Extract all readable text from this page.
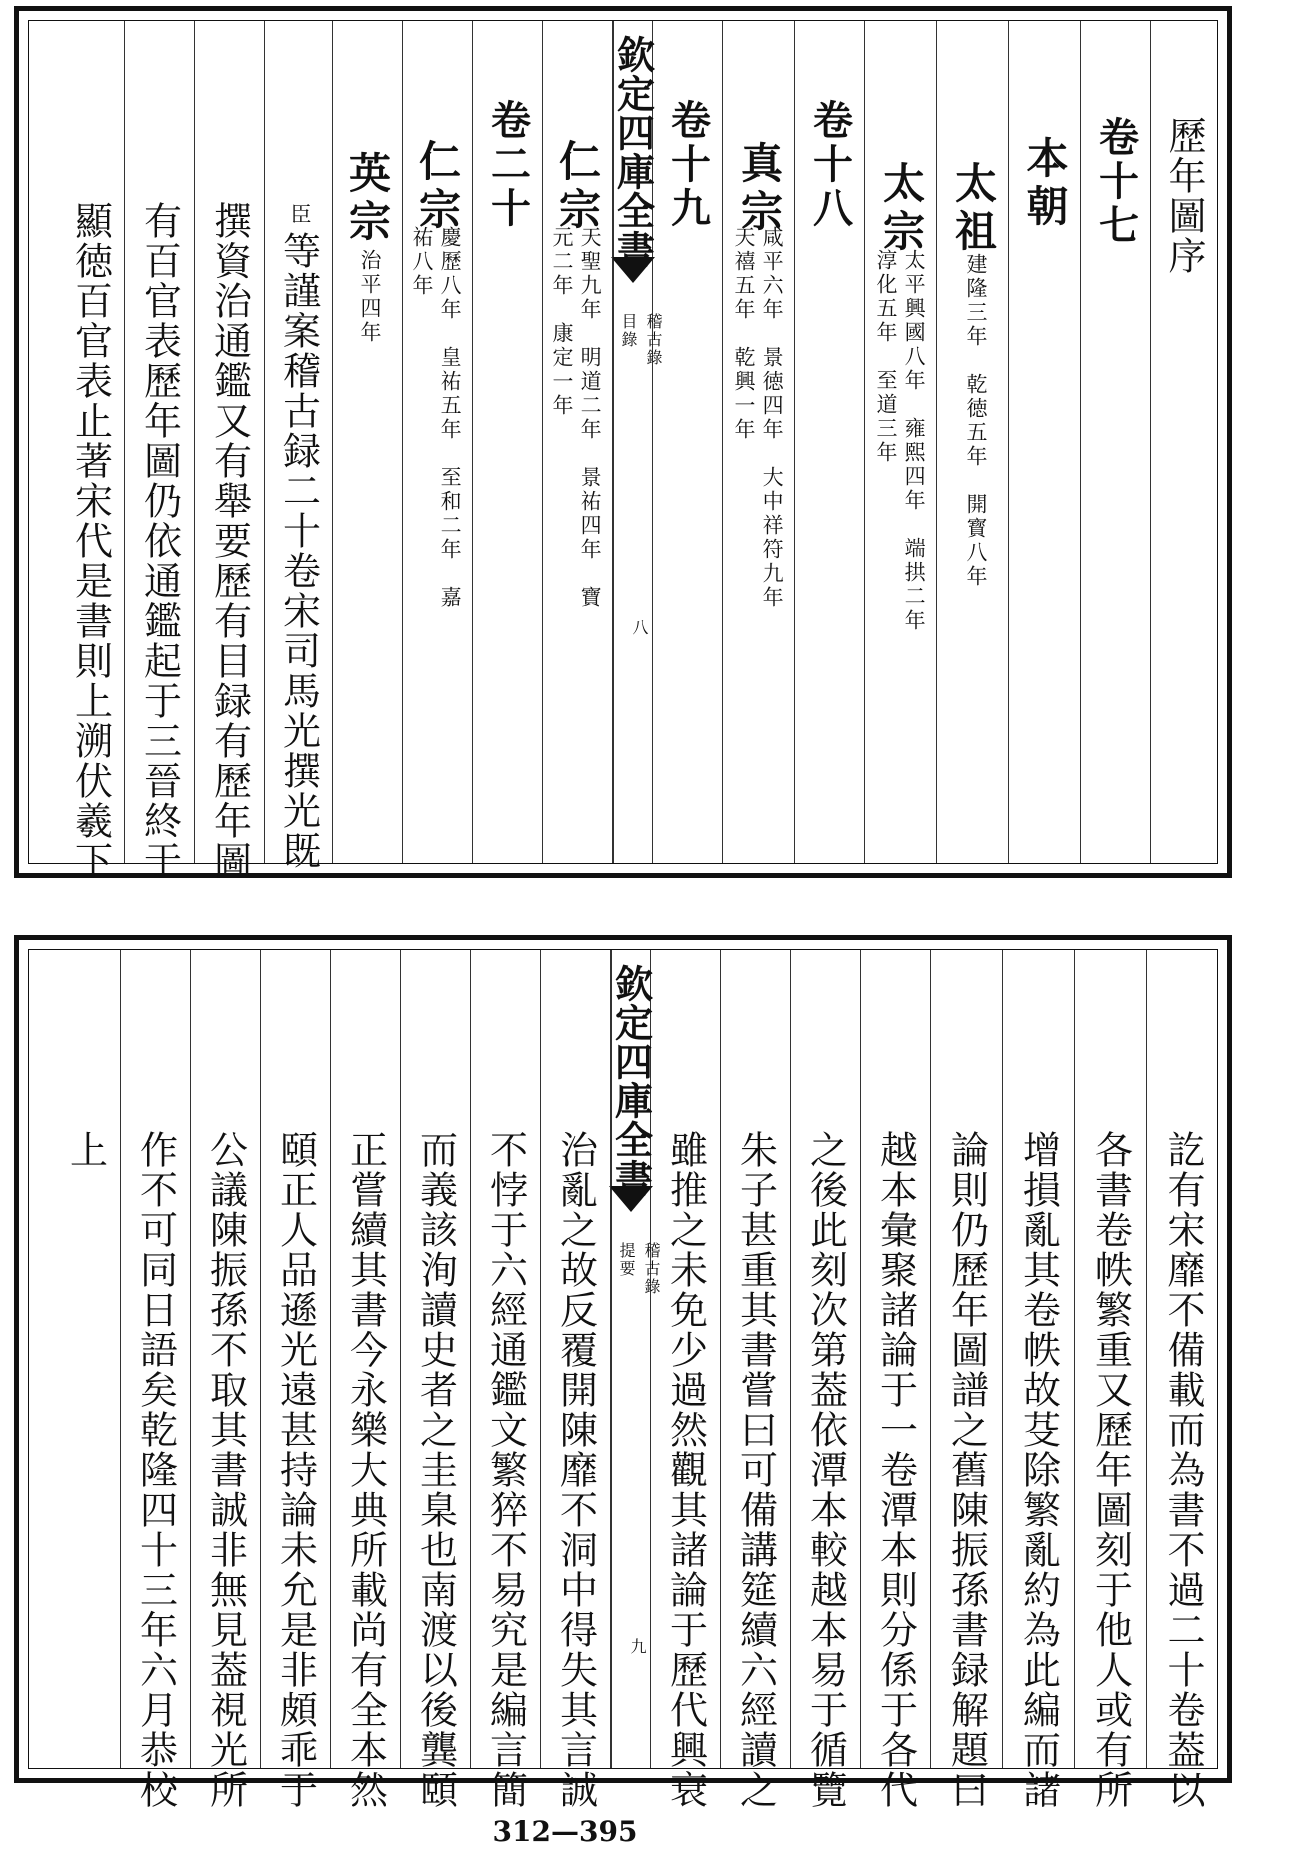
歷年圖序
卷十七
本朝
太祖
建隆三年　乾徳五年　開寳八年
太宗
太平興國八年　雍熙四年　端拱二年
淳化五年　至道三年
卷十八
真宗
咸平六年　景徳四年　大中祥符九年
天禧五年　乾興一年
卷十九
欽定四庫全書
稽古錄
目錄
八
仁宗
天聖九年　明道二年　景祐四年　寶
元二年　康定一年
卷二十
仁宗
慶歷八年　皇祐五年　至和二年　嘉
祐八年
英宗
治平四年
臣
等謹案稽古録二十卷宋司馬光撰光既
撰資治通鑑又有舉要歷有目録有歷年圖
有百官表歷年圖仍依通鑑起于三晉終于
顯徳百官表止著宋代是書則上溯伏羲下
訖有宋靡不備載而為書不過二十卷葢以
各書卷帙繁重又歷年圖刻于他人或有所
增損亂其卷帙故芟除繁亂約為此編而諸
論則仍歷年圖譜之舊陳振孫書録解題曰
越本彙聚諸論于一卷潭本則分係于各代
之後此刻次第葢依潭本較越本易于循覽
朱子甚重其書嘗曰可備講筵續六經讀之
雖推之未免少過然觀其諸論于歷代興衰
欽定四庫全書
稽古錄
提要
九
治亂之故反覆開陳靡不洞中得失其言誠
不悖于六經通鑑文繁猝不易究是編言簡
而義該洵讀史者之圭臬也南渡以後龔頤
正嘗續其書今永樂大典所載尚有全本然
頤正人品遜光遠甚持論未允是非頗乖于
公議陳振孫不取其書誠非無見葢視光所
作不可同日語矣乾隆四十三年六月恭校
上
312—395
